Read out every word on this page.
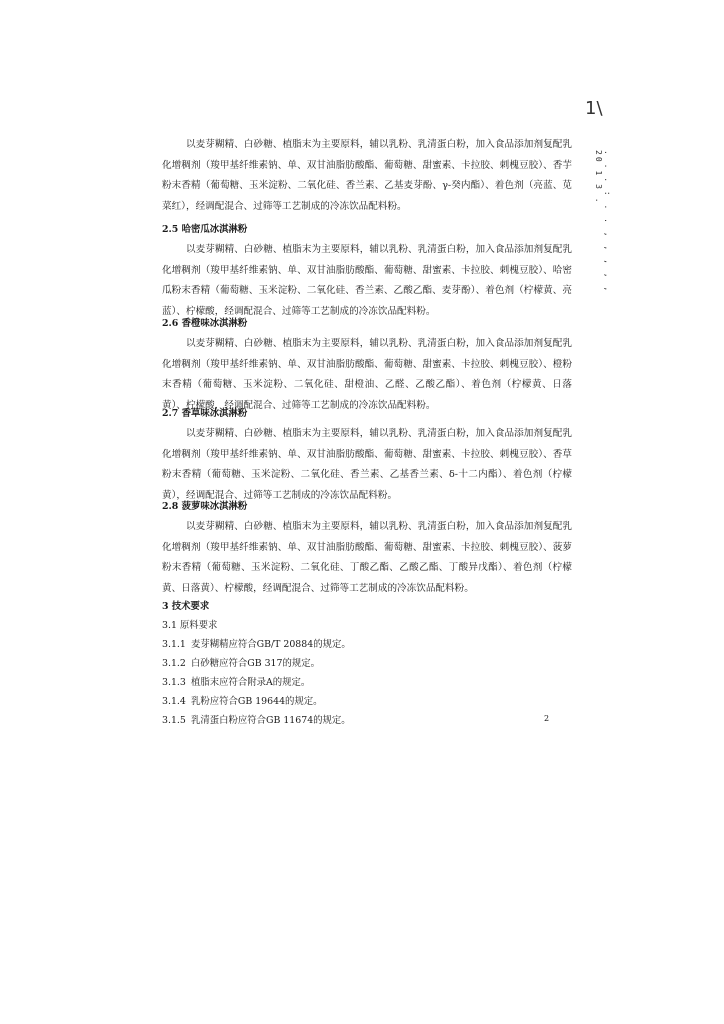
1\
. . . : . . , , , , , 20 1 3 .

以麦芽糊精、白砂糖、植脂末为主要原料，辅以乳粉、乳清蛋白粉，加入食品添加剂复配乳化增稠剂（羧甲基纤维素钠、单、双甘油脂肪酸酯、葡萄糖、甜蜜素、卡拉胶、刺槐豆胶）、香芋粉末香精（葡萄糖、玉米淀粉、二氧化硅、香兰素、乙基麦芽酚、γ-癸内酯）、着色剂（亮蓝、苋菜红），经调配混合、过筛等工艺制成的冷冻饮品配料粉。

2.5 哈密瓜冰淇淋粉

以麦芽糊精、白砂糖、植脂末为主要原料，辅以乳粉、乳清蛋白粉，加入食品添加剂复配乳化增稠剂（羧甲基纤维素钠、单、双甘油脂肪酸酯、葡萄糖、甜蜜素、卡拉胶、刺槐豆胶）、哈密瓜粉末香精（葡萄糖、玉米淀粉、二氧化硅、香兰素、乙酸乙酯、麦芽酚）、着色剂（柠檬黄、亮蓝）、柠檬酸，经调配混合、过筛等工艺制成的冷冻饮品配料粉。

2.6 香橙味冰淇淋粉

以麦芽糊精、白砂糖、植脂末为主要原料，辅以乳粉、乳清蛋白粉，加入食品添加剂复配乳化增稠剂（羧甲基纤维素钠、单、双甘油脂肪酸酯、葡萄糖、甜蜜素、卡拉胶、刺槐豆胶）、橙粉末香精（葡萄糖、玉米淀粉、二氧化硅、甜橙油、乙醛、乙酸乙酯）、着色剂（柠檬黄、日落黄）、柠檬酸，经调配混合、过筛等工艺制成的冷冻饮品配料粉。

2.7 香草味冰淇淋粉

以麦芽糊精、白砂糖、植脂末为主要原料，辅以乳粉、乳清蛋白粉，加入食品添加剂复配乳化增稠剂（羧甲基纤维素钠、单、双甘油脂肪酸酯、葡萄糖、甜蜜素、卡拉胶、刺槐豆胶）、香草粉末香精（葡萄糖、玉米淀粉、二氧化硅、香兰素、乙基香兰素、δ-十二内酯）、着色剂（柠檬黄），经调配混合、过筛等工艺制成的冷冻饮品配料粉。

2.8 菠萝味冰淇淋粉

以麦芽糊精、白砂糖、植脂末为主要原料，辅以乳粉、乳清蛋白粉，加入食品添加剂复配乳化增稠剂（羧甲基纤维素钠、单、双甘油脂肪酸酯、葡萄糖、甜蜜素、卡拉胶、刺槐豆胶）、菠萝粉末香精（葡萄糖、玉米淀粉、二氧化硅、丁酸乙酯、乙酸乙酯、丁酸异戊酯）、着色剂（柠檬黄、日落黄）、柠檬酸，经调配混合、过筛等工艺制成的冷冻饮品配料粉。

3 技术要求
3.1 原料要求
3.1.1 麦芽糊精应符合GB/T 20884的规定。
3.1.2 白砂糖应符合GB 317的规定。
3.1.3 植脂末应符合附录A的规定。
3.1.4 乳粉应符合GB 19644的规定。
3.1.5 乳清蛋白粉应符合GB 11674的规定。	2
